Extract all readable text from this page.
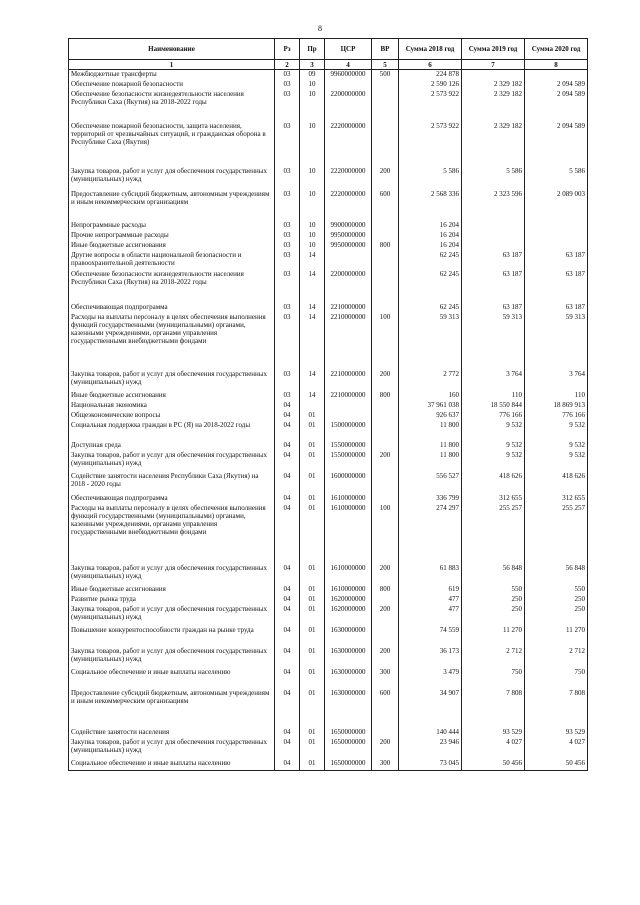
8
Наименование	Рз	Пр	ЦСР	ВР	Сумма 2018 год	Сумма 2019 год	Сумма 2020 год
1	2	3	4	5	6	7	8
Межбюджетные трансферты	03	09	9960000000	500	224 878		
Обеспечение пожарной безопасности	03	10			2 590 126	2 329 182	2 094 589
Обеспечение безопасности жизнедеятельности населения Республики Саха (Якутия) на 2018-2022 годы	03	10	2200000000		2 573 922	2 329 182	2 094 589
Обеспечение пожарной безопасности, защита населения, территорий от чрезвычайных ситуаций, и гражданская оборона в Республике Саха (Якутия)	03	10	2220000000		2 573 922	2 329 182	2 094 589
Закупка товаров, работ и услуг для обеспечения государственных (муниципальных) нужд	03	10	2220000000	200	5 586	5 586	5 586
Предоставление субсидий бюджетным, автономным учреждениям и иным некоммерческим организациям	03	10	2220000000	600	2 568 336	2 323 596	2 089 003
Непрограммные расходы	03	10	9900000000		16 204		
Прочие непрограммные расходы	03	10	9950000000		16 204		
Иные бюджетные ассигнования	03	10	9950000000	800	16 204		
Другие вопросы в области национальной безопасности и правоохранительной деятельности	03	14			62 245	63 187	63 187
Обеспечение безопасности жизнедеятельности населения Республики Саха (Якутия) на 2018-2022 годы	03	14	2200000000		62 245	63 187	63 187
Обеспечивающая подпрограмма	03	14	2210000000		62 245	63 187	63 187
Расходы на выплаты персоналу в целях обеспечения выполнения функций государственными (муниципальными) органами, казенными учреждениями, органами управления государственными внебюджетными фондами	03	14	2210000000	100	59 313	59 313	59 313
Закупка товаров, работ и услуг для обеспечения государственных (муниципальных) нужд	03	14	2210000000	200	2 772	3 764	3 764
Иные бюджетные ассигнования	03	14	2210000000	800	160	110	110
Национальная экономика	04				37 961 038	18 550 844	18 869 913
Общеэкономические вопросы	04	01			926 637	776 166	776 166
Социальная поддержка граждан в РС (Я) на 2018-2022 годы	04	01	1500000000		11 800	9 532	9 532
Доступная среда	04	01	1550000000		11 800	9 532	9 532
Закупка товаров, работ и услуг для обеспечения государственных (муниципальных) нужд	04	01	1550000000	200	11 800	9 532	9 532
Содействие занятости населения Республики Саха (Якутия) на 2018 - 2020 годы	04	01	1600000000		556 527	418 626	418 626
Обеспечивающая подпрограмма	04	01	1610000000		336 799	312 655	312 655
Расходы на выплаты персоналу в целях обеспечения выполнения функций государственными (муниципальными) органами, казенными учреждениями, органами управления государственными внебюджетными фондами	04	01	1610000000	100	274 297	255 257	255 257
Закупка товаров, работ и услуг для обеспечения государственных (муниципальных) нужд	04	01	1610000000	200	61 883	56 848	56 848
Иные бюджетные ассигнования	04	01	1610000000	800	619	550	550
Развитие рынка труда	04	01	1620000000		477	250	250
Закупка товаров, работ и услуг для обеспечения государственных (муниципальных) нужд	04	01	1620000000	200	477	250	250
Повышение конкурентоспособности граждан на рынке труда	04	01	1630000000		74 559	11 270	11 270
Закупка товаров, работ и услуг для обеспечения государственных (муниципальных) нужд	04	01	1630000000	200	36 173	2 712	2 712
Социальное обеспечение и иные выплаты населению	04	01	1630000000	300	3 479	750	750
Предоставление субсидий бюджетным, автономным учреждениям и иным некоммерческим организациям	04	01	1630000000	600	34 907	7 808	7 808
Содействие занятости населения	04	01	1650000000		140 444	93 529	93 529
Закупка товаров, работ и услуг для обеспечения государственных (муниципальных) нужд	04	01	1650000000	200	23 946	4 027	4 027
Социальное обеспечение и иные выплаты населению	04	01	1650000000	300	73 045	50 456	50 456
